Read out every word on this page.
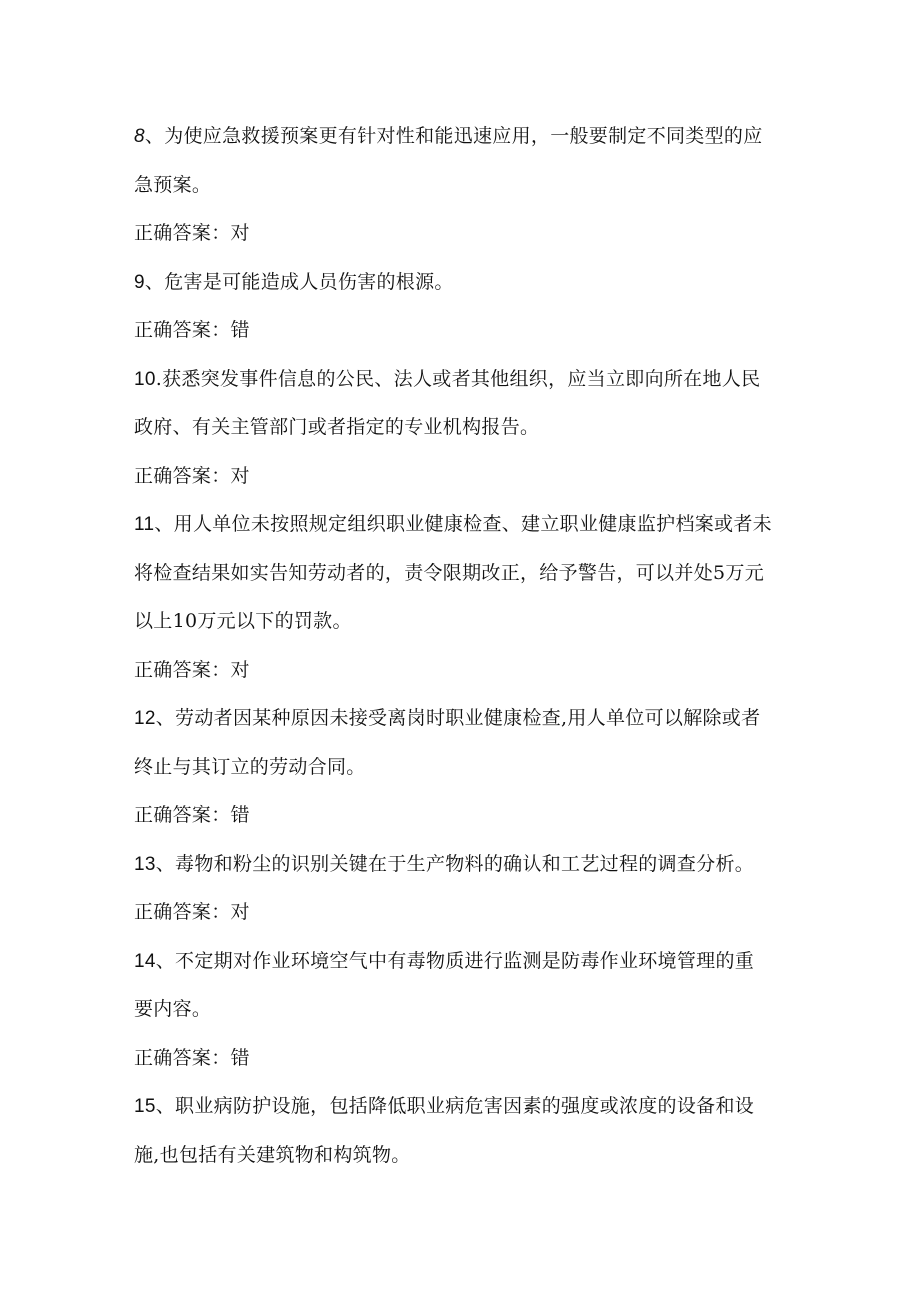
8、为使应急救援预案更有针对性和能迅速应用，一般要制定不同类型的应
急预案。
正确答案：对
9、危害是可能造成人员伤害的根源。
正确答案：错
10.获悉突发事件信息的公民、法人或者其他组织，应当立即向所在地人民
政府、有关主管部门或者指定的专业机构报告。
正确答案：对
11、用人单位未按照规定组织职业健康检查、建立职业健康监护档案或者未
将检查结果如实告知劳动者的，责令限期改正，给予警告，可以并处5万元
以上10万元以下的罚款。
正确答案：对
12、劳动者因某种原因未接受离岗时职业健康检查,用人单位可以解除或者
终止与其订立的劳动合同。
正确答案：错
13、毒物和粉尘的识别关键在于生产物料的确认和工艺过程的调查分析。
正确答案：对
14、不定期对作业环境空气中有毒物质进行监测是防毒作业环境管理的重
要内容。
正确答案：错
15、职业病防护设施，包括降低职业病危害因素的强度或浓度的设备和设
施,也包括有关建筑物和构筑物。
